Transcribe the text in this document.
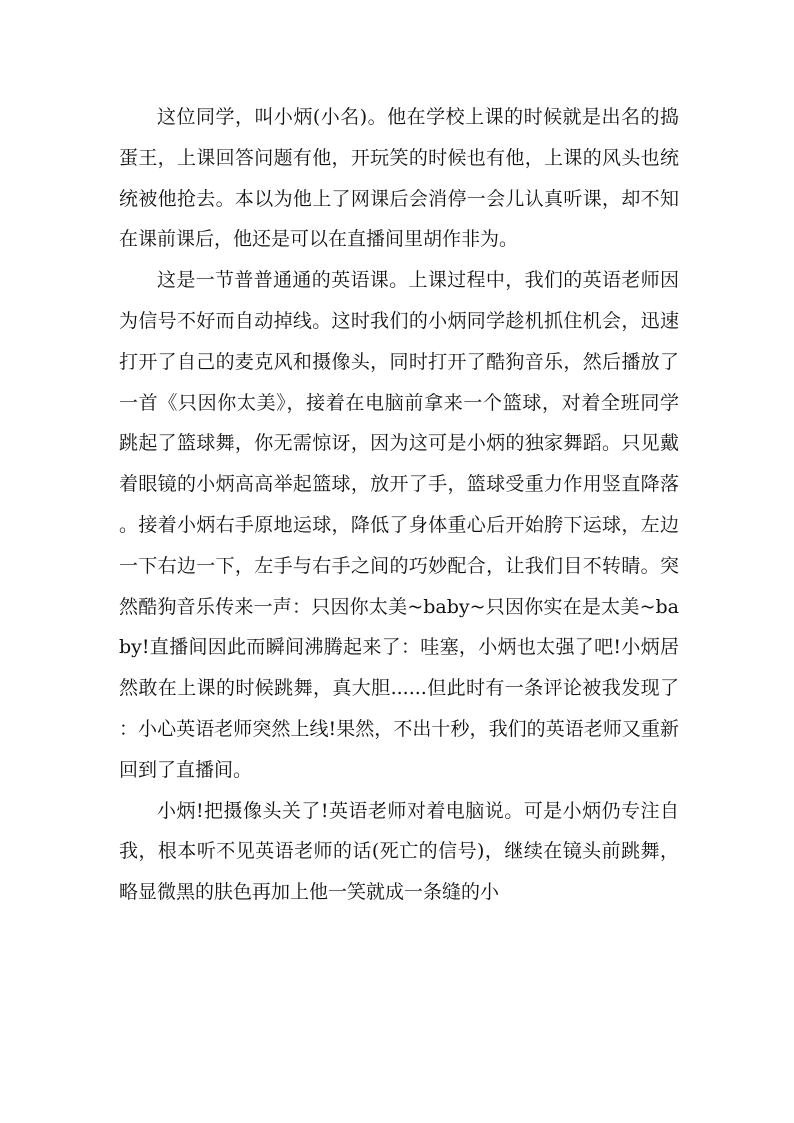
这位同学，叫小炳(小名)。他在学校上课的时候就是出名的捣蛋王，上课回答问题有他，开玩笑的时候也有他，上课的风头也统统被他抢去。本以为他上了网课后会消停一会儿认真听课，却不知在课前课后，他还是可以在直播间里胡作非为。

这是一节普普通通的英语课。上课过程中，我们的英语老师因为信号不好而自动掉线。这时我们的小炳同学趁机抓住机会，迅速打开了自己的麦克风和摄像头，同时打开了酷狗音乐，然后播放了一首《只因你太美》，接着在电脑前拿来一个篮球，对着全班同学跳起了篮球舞，你无需惊讶，因为这可是小炳的独家舞蹈。只见戴着眼镜的小炳高高举起篮球，放开了手，篮球受重力作用竖直降落。接着小炳右手原地运球，降低了身体重心后开始胯下运球，左边一下右边一下，左手与右手之间的巧妙配合，让我们目不转睛。突然酷狗音乐传来一声：只因你太美~baby~只因你实在是太美~baby!直播间因此而瞬间沸腾起来了：哇塞，小炳也太强了吧!小炳居然敢在上课的时候跳舞，真大胆......但此时有一条评论被我发现了：小心英语老师突然上线!果然，不出十秒，我们的英语老师又重新回到了直播间。

小炳!把摄像头关了!英语老师对着电脑说。可是小炳仍专注自我，根本听不见英语老师的话(死亡的信号)，继续在镜头前跳舞，略显微黑的肤色再加上他一笑就成一条缝的小
